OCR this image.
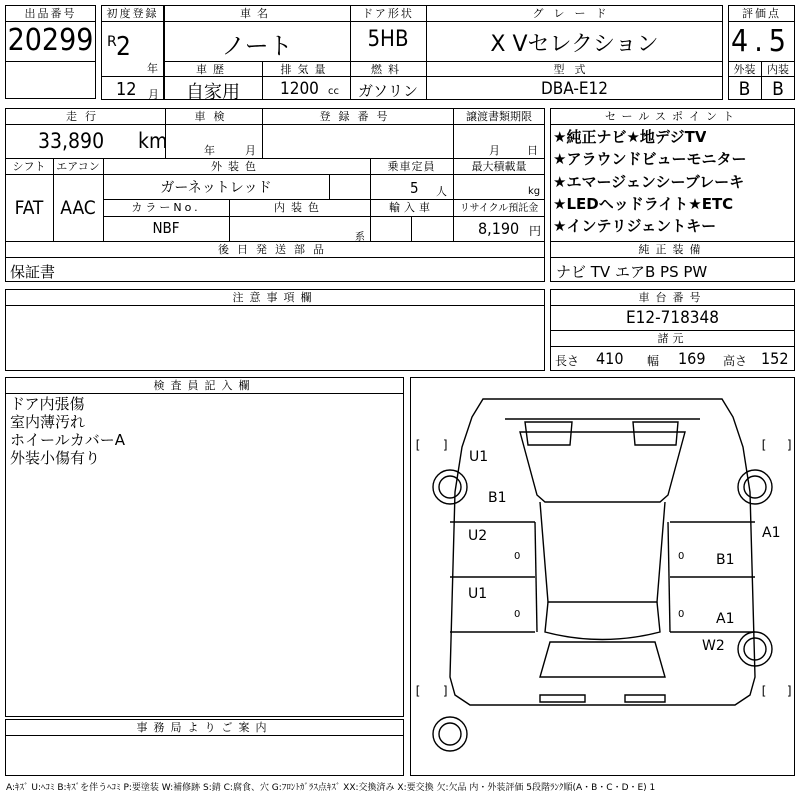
出品番号
20299
初度登録
R 2
年
12 月
車名
ノート
ドア形状
5HB
グレード
X Vセレクション
車歴
自家用
排気量
1200 cc
燃料
ガソリン
型式
DBA-E12
評価点
4.5
外装	内装
B	B
走行
33,890 km
車検
年	月
登録番号	譲渡書類期限
月 日
シフト
FAT
エアコン
AAC
外装色
ガーネットレッド
乗車定員
5 人
最大積載量
kg
カラーNo.
NBF
内装色
系
輸入車	リサイクル預託金
8,190 円
後日発送部品
保証書
セールスポイント
★純正ナビ★地デジTV
★アラウンドビューモニター
★エマージェンシーブレーキ
★LEDヘッドライト★ETC
★インテリジェントキー
純正装備
ナビ TV エアB PS PW
注意事項欄	車台番号
E12-718348
諸元
長さ 410 幅 169 高さ 152
検査員記入欄
ドア内張傷
室内薄汚れ
ホイールカバーA
外装小傷有り
事務局よりご案内
[ ]	[ ]
[ ]	[ ]
U1
B1
U2
U1
A1
B1
A1
W2
0
0
0
0
A:ｷｽﾞ U:ﾍｺﾐ B:ｷｽﾞを伴うﾍｺﾐ P:要塗装 W:補修跡 S:錆 C:腐食、穴 G:ﾌﾛﾝﾄｶﾞﾗｽ点ｷｽﾞ XX:交換済み X:要交換 欠:欠品 内・外装評価 5段階ﾗﾝｸ順(A・B・C・D・E) 1
